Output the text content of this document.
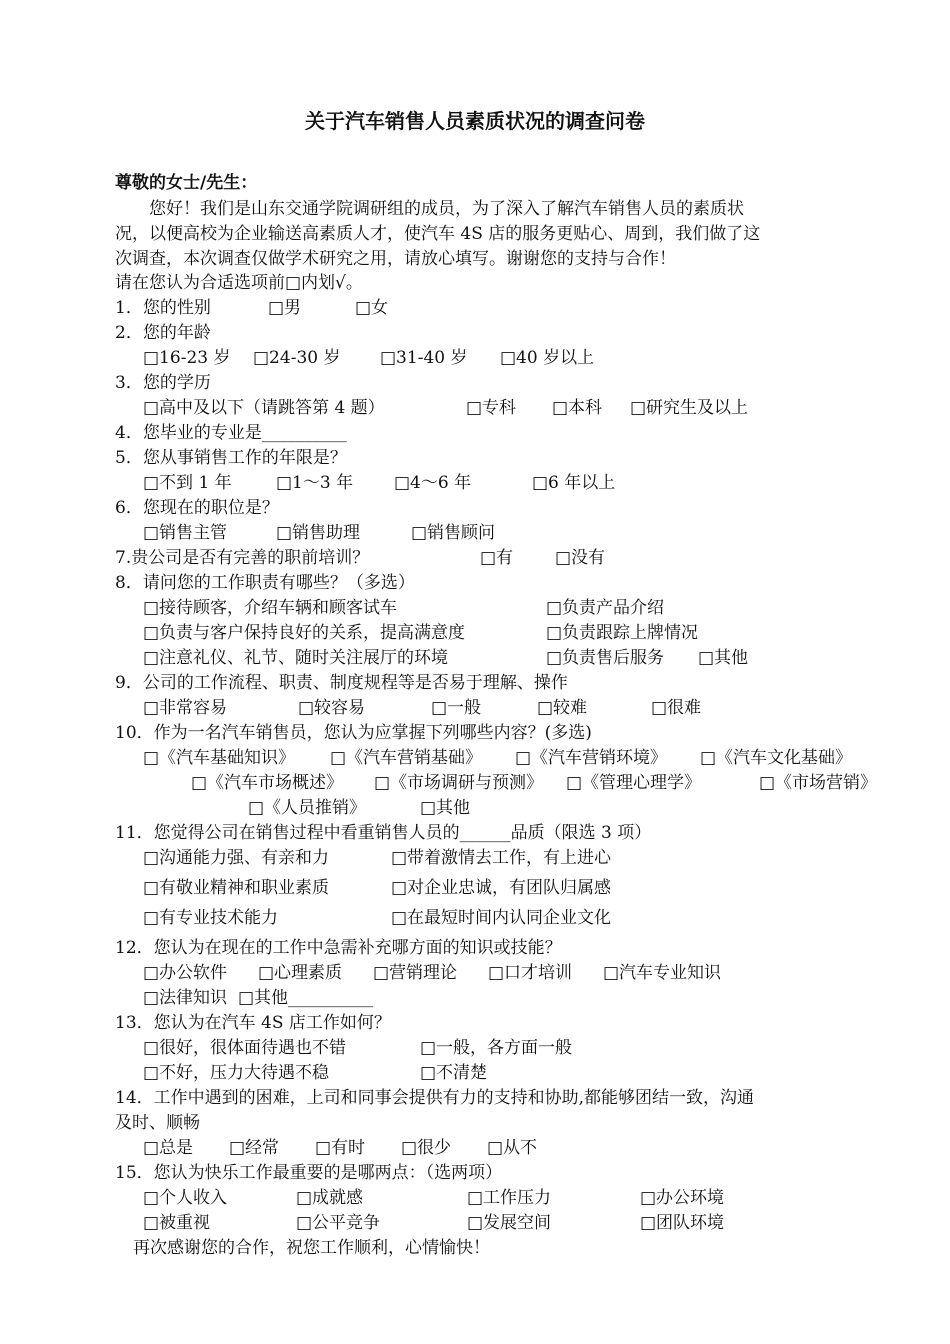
关于汽车销售人员素质状况的调查问卷
尊敬的女士/先生：
　　您好！我们是山东交通学院调研组的成员，为了深入了解汽车销售人员的素质状
况，以便高校为企业输送高素质人才，使汽车 4S 店的服务更贴心、周到，我们做了这
次调查，本次调查仅做学术研究之用，请放心填写。谢谢您的支持与合作！
请在您认为合适选项前□内划√。
1．您的性别	□男	□女
2．您的年龄
□16-23 岁 □24-30 岁 □31-40 岁 □40 岁以上
3．您的学历
□高中及以下（请跳答第 4 题）	□专科 □本科 □研究生及以上
4．您毕业的专业是__________
5．您从事销售工作的年限是？
□不到 1 年	□1～3 年 □4～6 年	□6 年以上
6．您现在的职位是？
□销售主管	□销售助理	□销售顾问
7.贵公司是否有完善的职前培训？	□有 □没有
8．请问您的工作职责有哪些？（多选）
□接待顾客，介绍车辆和顾客试车	□负责产品介绍
□负责与客户保持良好的关系，提高满意度	□负责跟踪上牌情况
□注意礼仪、礼节、随时关注展厅的环境	□负责售后服务 □其他
9．公司的工作流程、职责、制度规程等是否易于理解、操作
□非常容易	□较容易	□一般	□较难	□很难
10．作为一名汽车销售员，您认为应掌握下列哪些内容？(多选)
□《汽车基础知识》 □《汽车营销基础》 □《汽车营销环境》 □《汽车文化基础》
□《汽车市场概述》 □《市场调研与预测》 □《管理心理学》	□《市场营销》
□《人员推销》	□其他
11．您觉得公司在销售过程中看重销售人员的______品质（限选 3 项）
□沟通能力强、有亲和力	□带着激情去工作，有上进心
□有敬业精神和职业素质	□对企业忠诚，有团队归属感
□有专业技术能力	□在最短时间内认同企业文化
12．您认为在现在的工作中急需补充哪方面的知识或技能？
□办公软件 □心理素质 □营销理论 □口才培训 □汽车专业知识
□法律知识 □其他__________
13．您认为在汽车 4S 店工作如何？
□很好，很体面待遇也不错	□一般，各方面一般
□不好，压力大待遇不稳	□不清楚
14．工作中遇到的困难，上司和同事会提供有力的支持和协助,都能够团结一致，沟通
及时、顺畅
□总是 □经常 □有时 □很少 □从不
15．您认为快乐工作最重要的是哪两点：（选两项）
□个人收入	□成就感	□工作压力	□办公环境
□被重视	□公平竞争	□发展空间	□团队环境
再次感谢您的合作，祝您工作顺利，心情愉快！
